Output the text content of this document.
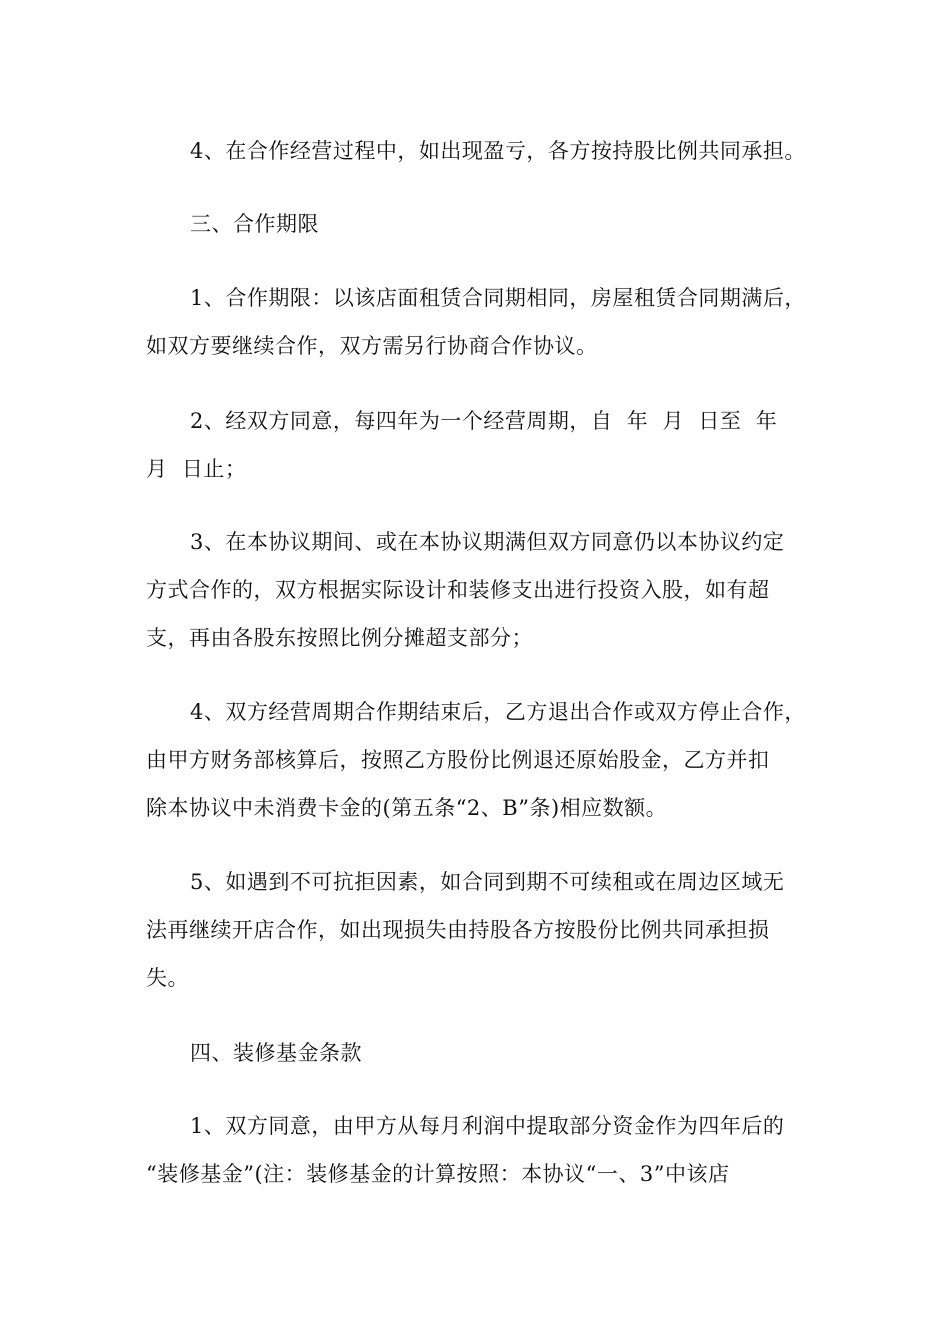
4、在合作经营过程中，如出现盈亏，各方按持股比例共同承担。
三、合作期限
1、合作期限：以该店面租赁合同期相同，房屋租赁合同期满后，
如双方要继续合作，双方需另行协商合作协议。
2、经双方同意，每四年为一个经营周期，自  年  月  日至  年
月  日止；
3、在本协议期间、或在本协议期满但双方同意仍以本协议约定
方式合作的，双方根据实际设计和装修支出进行投资入股，如有超
支，再由各股东按照比例分摊超支部分；
4、双方经营周期合作期结束后，乙方退出合作或双方停止合作，
由甲方财务部核算后，按照乙方股份比例退还原始股金，乙方并扣
除本协议中未消费卡金的(第五条“2、B”条)相应数额。
5、如遇到不可抗拒因素，如合同到期不可续租或在周边区域无
法再继续开店合作，如出现损失由持股各方按股份比例共同承担损
失。
四、装修基金条款
1、双方同意，由甲方从每月利润中提取部分资金作为四年后的
“装修基金”(注：装修基金的计算按照：本协议“一、3”中该店
